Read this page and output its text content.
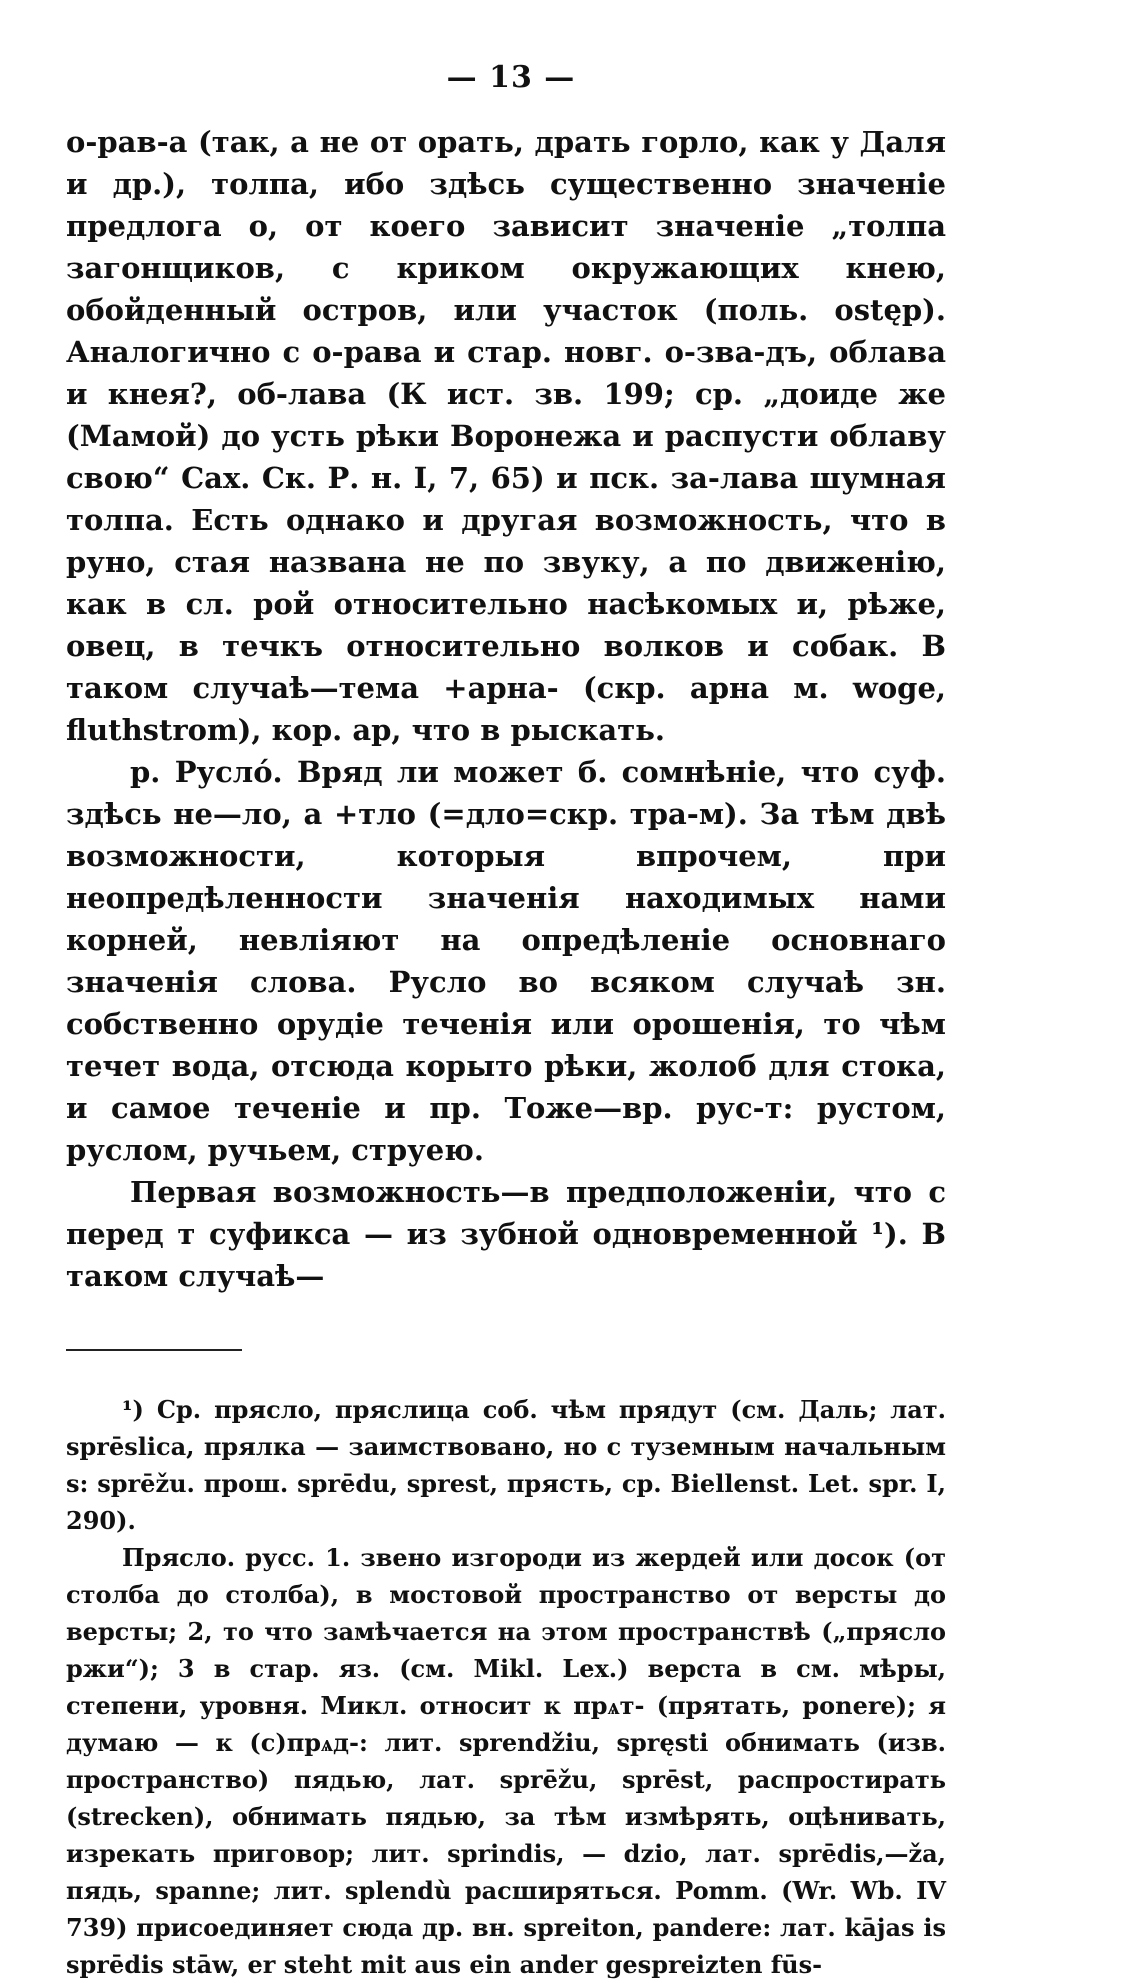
— 13 —

о-рав-а (так, а не от орать, драть горло, как у Даля и др.), толпа, ибо здѣсь существенно значеніе предлога о, от коего зависит значеніе „толпа загонщиков, с криком окружающих кнею, обойденный остров, или участок (поль. ostęp). Аналогично с о-рава и стар. новг. о-зва-дъ, облава и кнея?, об-лава (К ист. зв. 199; ср. „доиде же (Мамой) до усть рѣки Воронежа и распусти облаву свою“ Сах. Ск. Р. н. I, 7, 65) и пск. за-лава шумная толпа. Есть однако и другая возможность, что в руно, стая названа не по звуку, а по движенію, как в сл. рой относительно насѣкомых и, рѣже, овец, в течкъ относительно волков и собак. В таком случаѣ—тема +арна- (скр. арна м. woge, fluthstrom), кор. ар, что в рыскать.

р. Русло́. Вряд ли может б. сомнѣніе, что суф. здѣсь не—ло, а +тло (=дло=скр. тра-м). За тѣм двѣ возможности, которыя впрочем, при неопредѣленности значенія находимых нами корней, невліяют на опредѣленіе основнаго значенія слова. Русло во всяком случаѣ зн. собственно орудіе теченія или орошенія, то чѣм течет вода, отсюда корыто рѣки, жолоб для стока, и самое теченіе и пр. Тоже—вр. рус-т: рустом, руслом, ручьем, струею.

Первая возможность—в предположеніи, что с перед т суфикса — из зубной одновременной ¹). В таком случаѣ—

¹) Ср. прясло, пряслица соб. чѣм прядут (см. Даль; лат. sprēslica, прялка — заимствовано, но с туземным начальным s: sprēžu. прош. sprēdu, sprest, прясть, ср. Biellenst. Let. spr. I, 290).

Прясло. русс. 1. звено изгороди из жердей или досок (от столба до столба), в мостовой пространство от версты до версты; 2, то что замѣчается на этом пространствѣ („прясло ржи“); 3 в стар. яз. (см. Mikl. Lex.) верста в см. мѣры, степени, уровня. Микл. относит к прѧт- (прятать, ponere); я думаю — к (с)прѧд-: лит. sprendžiu, spręsti обнимать (изв. пространство) пядью, лат. sprēžu, sprēst, распростирать (strecken), обнимать пядью, за тѣм измѣрять, оцѣнивать, изрекать приговор; лит. sprindis, — dzio, лат. sprēdis,—ža, пядь, spanne; лит. splendù расширяться. Pomm. (Wr. Wb. IV 739) присоединяет сюда др. вн. spreiton, pandere: лат. kājas is sprēdis stāw, er steht mit aus ein ander gespreizten fūs-
